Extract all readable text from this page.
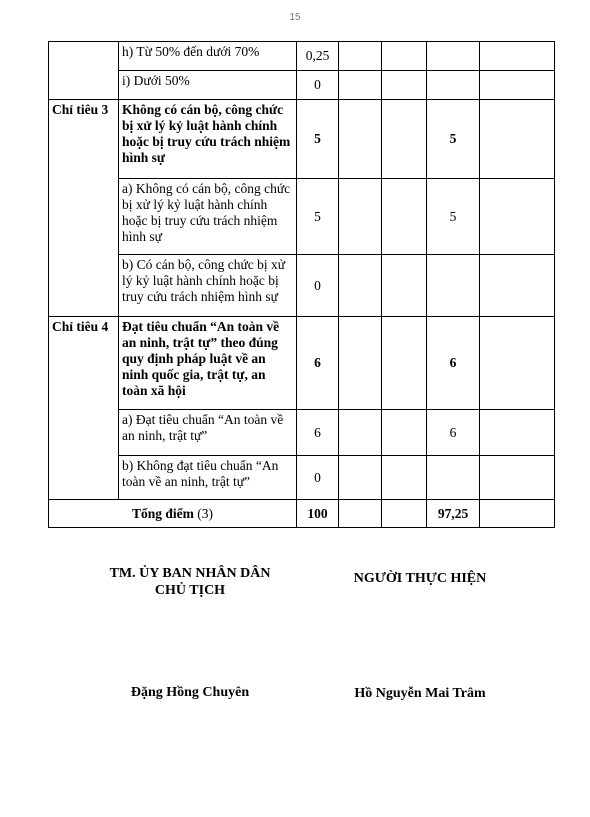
15
	h) Từ 50% đến dưới 70%	0,25				
	i) Dưới 50%	0				
Chỉ tiêu 3	Không có cán bộ, công chức bị xử lý kỷ luật hành chính hoặc bị truy cứu trách nhiệm hình sự	5			5	
	a) Không có cán bộ, công chức bị xử lý kỷ luật hành chính hoặc bị truy cứu trách nhiệm hình sự	5			5	
	b) Có cán bộ, công chức bị xử lý kỷ luật hành chính hoặc bị truy cứu trách nhiệm hình sự	0				
Chỉ tiêu 4	Đạt tiêu chuẩn “An toàn về an ninh, trật tự” theo đúng quy định pháp luật về an ninh quốc gia, trật tự, an toàn xã hội	6			6	
	a) Đạt tiêu chuẩn “An toàn về an ninh, trật tự”	6			6	
	b) Không đạt tiêu chuẩn “An toàn về an ninh, trật tự”	0				
Tổng điểm (3)		100			97,25	
TM. ỦY BAN NHÂN DÂN
CHỦ TỊCH
Đặng Hồng Chuyên
NGƯỜI THỰC HIỆN
Hồ Nguyễn Mai Trâm
